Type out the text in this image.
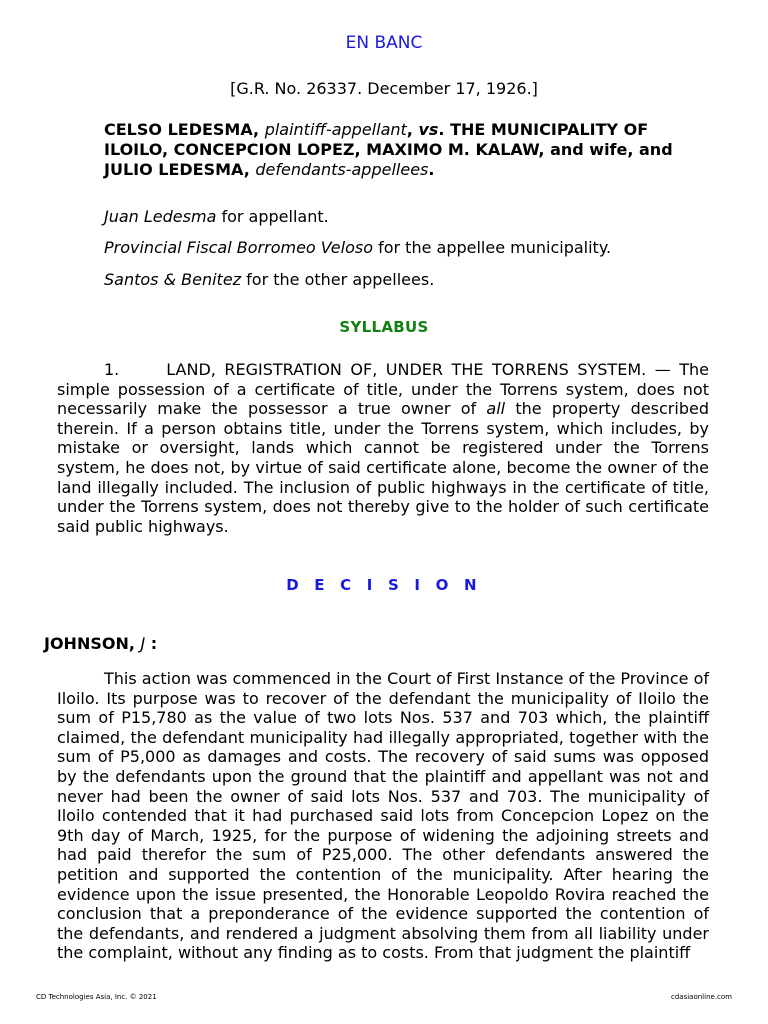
EN BANC
[G.R. No. 26337. December 17, 1926.]
CELSO LEDESMA, plaintiff-appellant, vs. THE MUNICIPALITY OF ILOILO, CONCEPCION LOPEZ, MAXIMO M. KALAW, and wife, and JULIO LEDESMA, defendants-appellees.
Juan Ledesma for appellant.
Provincial Fiscal Borromeo Veloso for the appellee municipality.
Santos & Benitez for the other appellees.
SYLLABUS
1.	LAND, REGISTRATION OF, UNDER THE TORRENS SYSTEM. — The simple possession of a certificate of title, under the Torrens system, does not necessarily make the possessor a true owner of all the property described therein. If a person obtains title, under the Torrens system, which includes, by mistake or oversight, lands which cannot be registered under the Torrens system, he does not, by virtue of said certificate alone, become the owner of the land illegally included. The inclusion of public highways in the certificate of title, under the Torrens system, does not thereby give to the holder of such certificate said public highways.
D E C I S I O N
JOHNSON, J :
This action was commenced in the Court of First Instance of the Province of Iloilo. Its purpose was to recover of the defendant the municipality of Iloilo the sum of P15,780 as the value of two lots Nos. 537 and 703 which, the plaintiff claimed, the defendant municipality had illegally appropriated, together with the sum of P5,000 as damages and costs. The recovery of said sums was opposed by the defendants upon the ground that the plaintiff and appellant was not and never had been the owner of said lots Nos. 537 and 703. The municipality of Iloilo contended that it had purchased said lots from Concepcion Lopez on the 9th day of March, 1925, for the purpose of widening the adjoining streets and had paid therefor the sum of P25,000. The other defendants answered the petition and supported the contention of the municipality. After hearing the evidence upon the issue presented, the Honorable Leopoldo Rovira reached the conclusion that a preponderance of the evidence supported the contention of the defendants, and rendered a judgment absolving them from all liability under the complaint, without any finding as to costs. From that judgment the plaintiff
CD Technologies Asia, Inc. © 2021	cdasiaonline.com
